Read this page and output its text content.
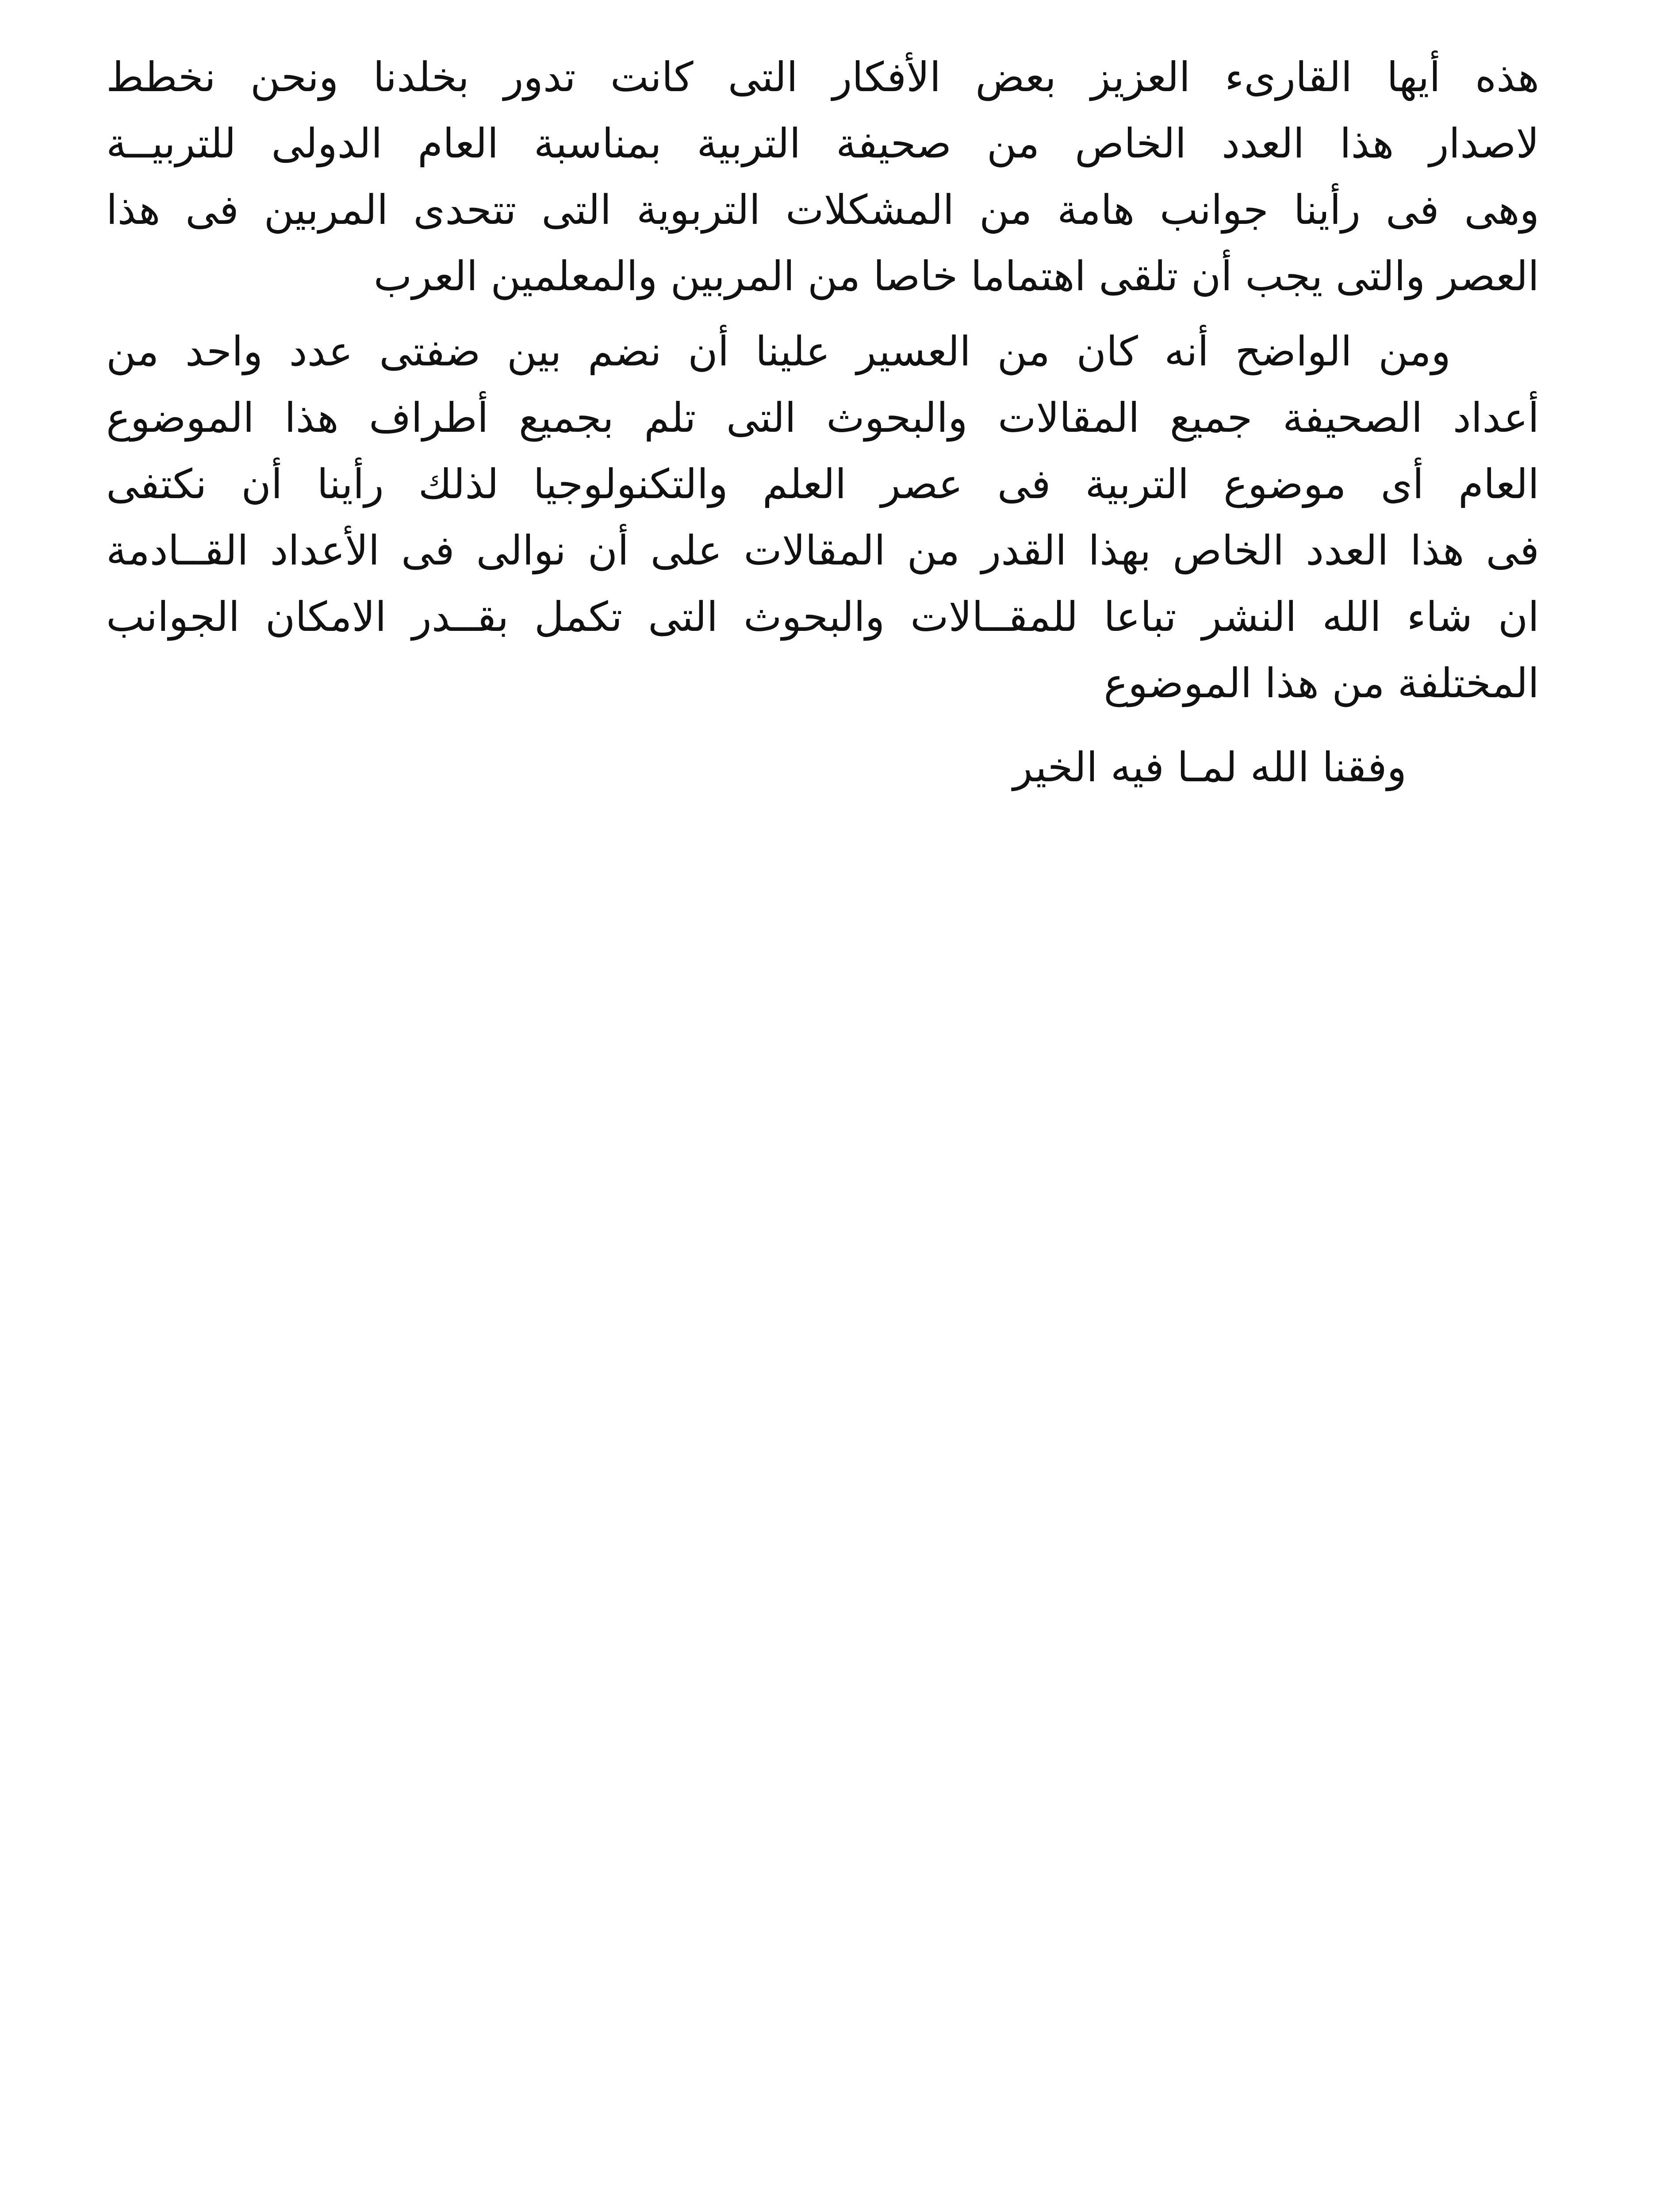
هذه أيها القارىء العزيز بعض الأفكار التى كانت تدور بخلدنا ونحن نخطط
لاصدار هذا العدد الخاص من صحيفة التربية بمناسبة العام الدولى للتربيــة
وهى فى رأينا جوانب هامة من المشكلات التربوية التى تتحدى المربين فى هذا
العصر والتى يجب أن تلقى اهتماما خاصا من المربين والمعلمين العرب
ومن الواضح أنه كان من العسير علينا أن نضم بين ضفتى عدد واحد من
أعداد الصحيفة جميع المقالات والبحوث التى تلم بجميع أطراف هذا الموضوع
العام أى موضوع التربية فى عصر العلم والتكنولوجيا لذلك رأينا أن نكتفى
فى هذا العدد الخاص بهذا القدر من المقالات على أن نوالى فى الأعداد القــادمة
ان شاء الله النشر تباعا للمقــالات والبحوث التى تكمل بقــدر الامكان الجوانب
المختلفة من هذا الموضوع
وفقنا الله لمـا فيه الخير
